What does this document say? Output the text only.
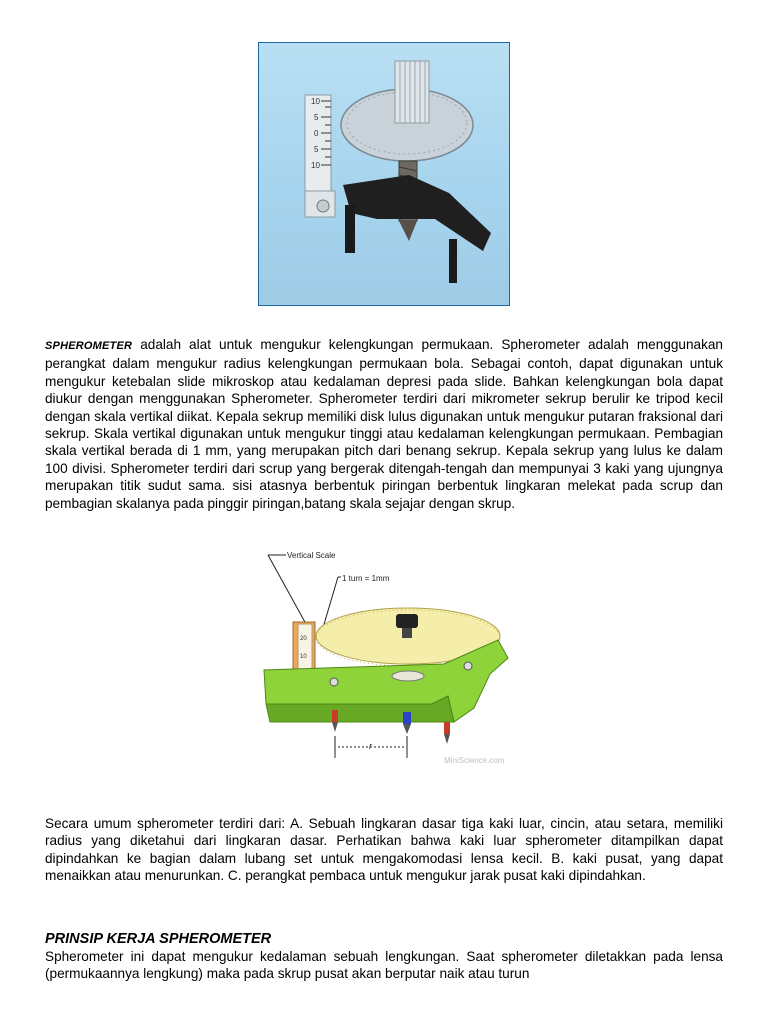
10
5
0
5
10

SPHEROMETER adalah alat untuk mengukur kelengkungan permukaan. Spherometer adalah menggunakan perangkat dalam mengukur radius kelengkungan permukaan bola. Sebagai contoh, dapat digunakan untuk mengukur ketebalan slide mikroskop atau kedalaman depresi pada slide. Bahkan kelengkungan bola dapat diukur dengan menggunakan Spherometer. Spherometer terdiri dari mikrometer sekrup berulir ke tripod kecil dengan skala vertikal diikat. Kepala sekrup memiliki disk lulus digunakan untuk mengukur putaran fraksional dari sekrup. Skala vertikal digunakan untuk mengukur tinggi atau kedalaman kelengkungan permukaan. Pembagian skala vertikal berada di 1 mm, yang merupakan pitch dari benang sekrup. Kepala sekrup yang lulus ke dalam 100 divisi. Spherometer terdiri dari scrup yang bergerak ditengah-tengah dan mempunyai 3 kaki yang ujungnya merupakan titik sudut sama. sisi atasnya berbentuk piringan berbentuk lingkaran melekat pada scrup dan pembagian skalanya pada pinggir piringan,batang skala sejajar dengan skrup.

Vertical Scale
1 turn = 1mm
20
10
r
MiniScience.com

Secara umum spherometer terdiri dari: A. Sebuah lingkaran dasar tiga kaki luar, cincin, atau setara, memiliki radius yang diketahui dari lingkaran dasar. Perhatikan bahwa kaki luar spherometer ditampilkan dapat dipindahkan ke bagian dalam lubang set untuk mengakomodasi lensa kecil. B. kaki pusat, yang dapat menaikkan atau menurunkan. C. perangkat pembaca untuk mengukur jarak pusat kaki dipindahkan.

PRINSIP KERJA SPHEROMETER

Spherometer ini dapat mengukur kedalaman sebuah lengkungan. Saat spherometer diletakkan pada lensa (permukaannya lengkung) maka pada skrup pusat akan berputar naik atau turun
